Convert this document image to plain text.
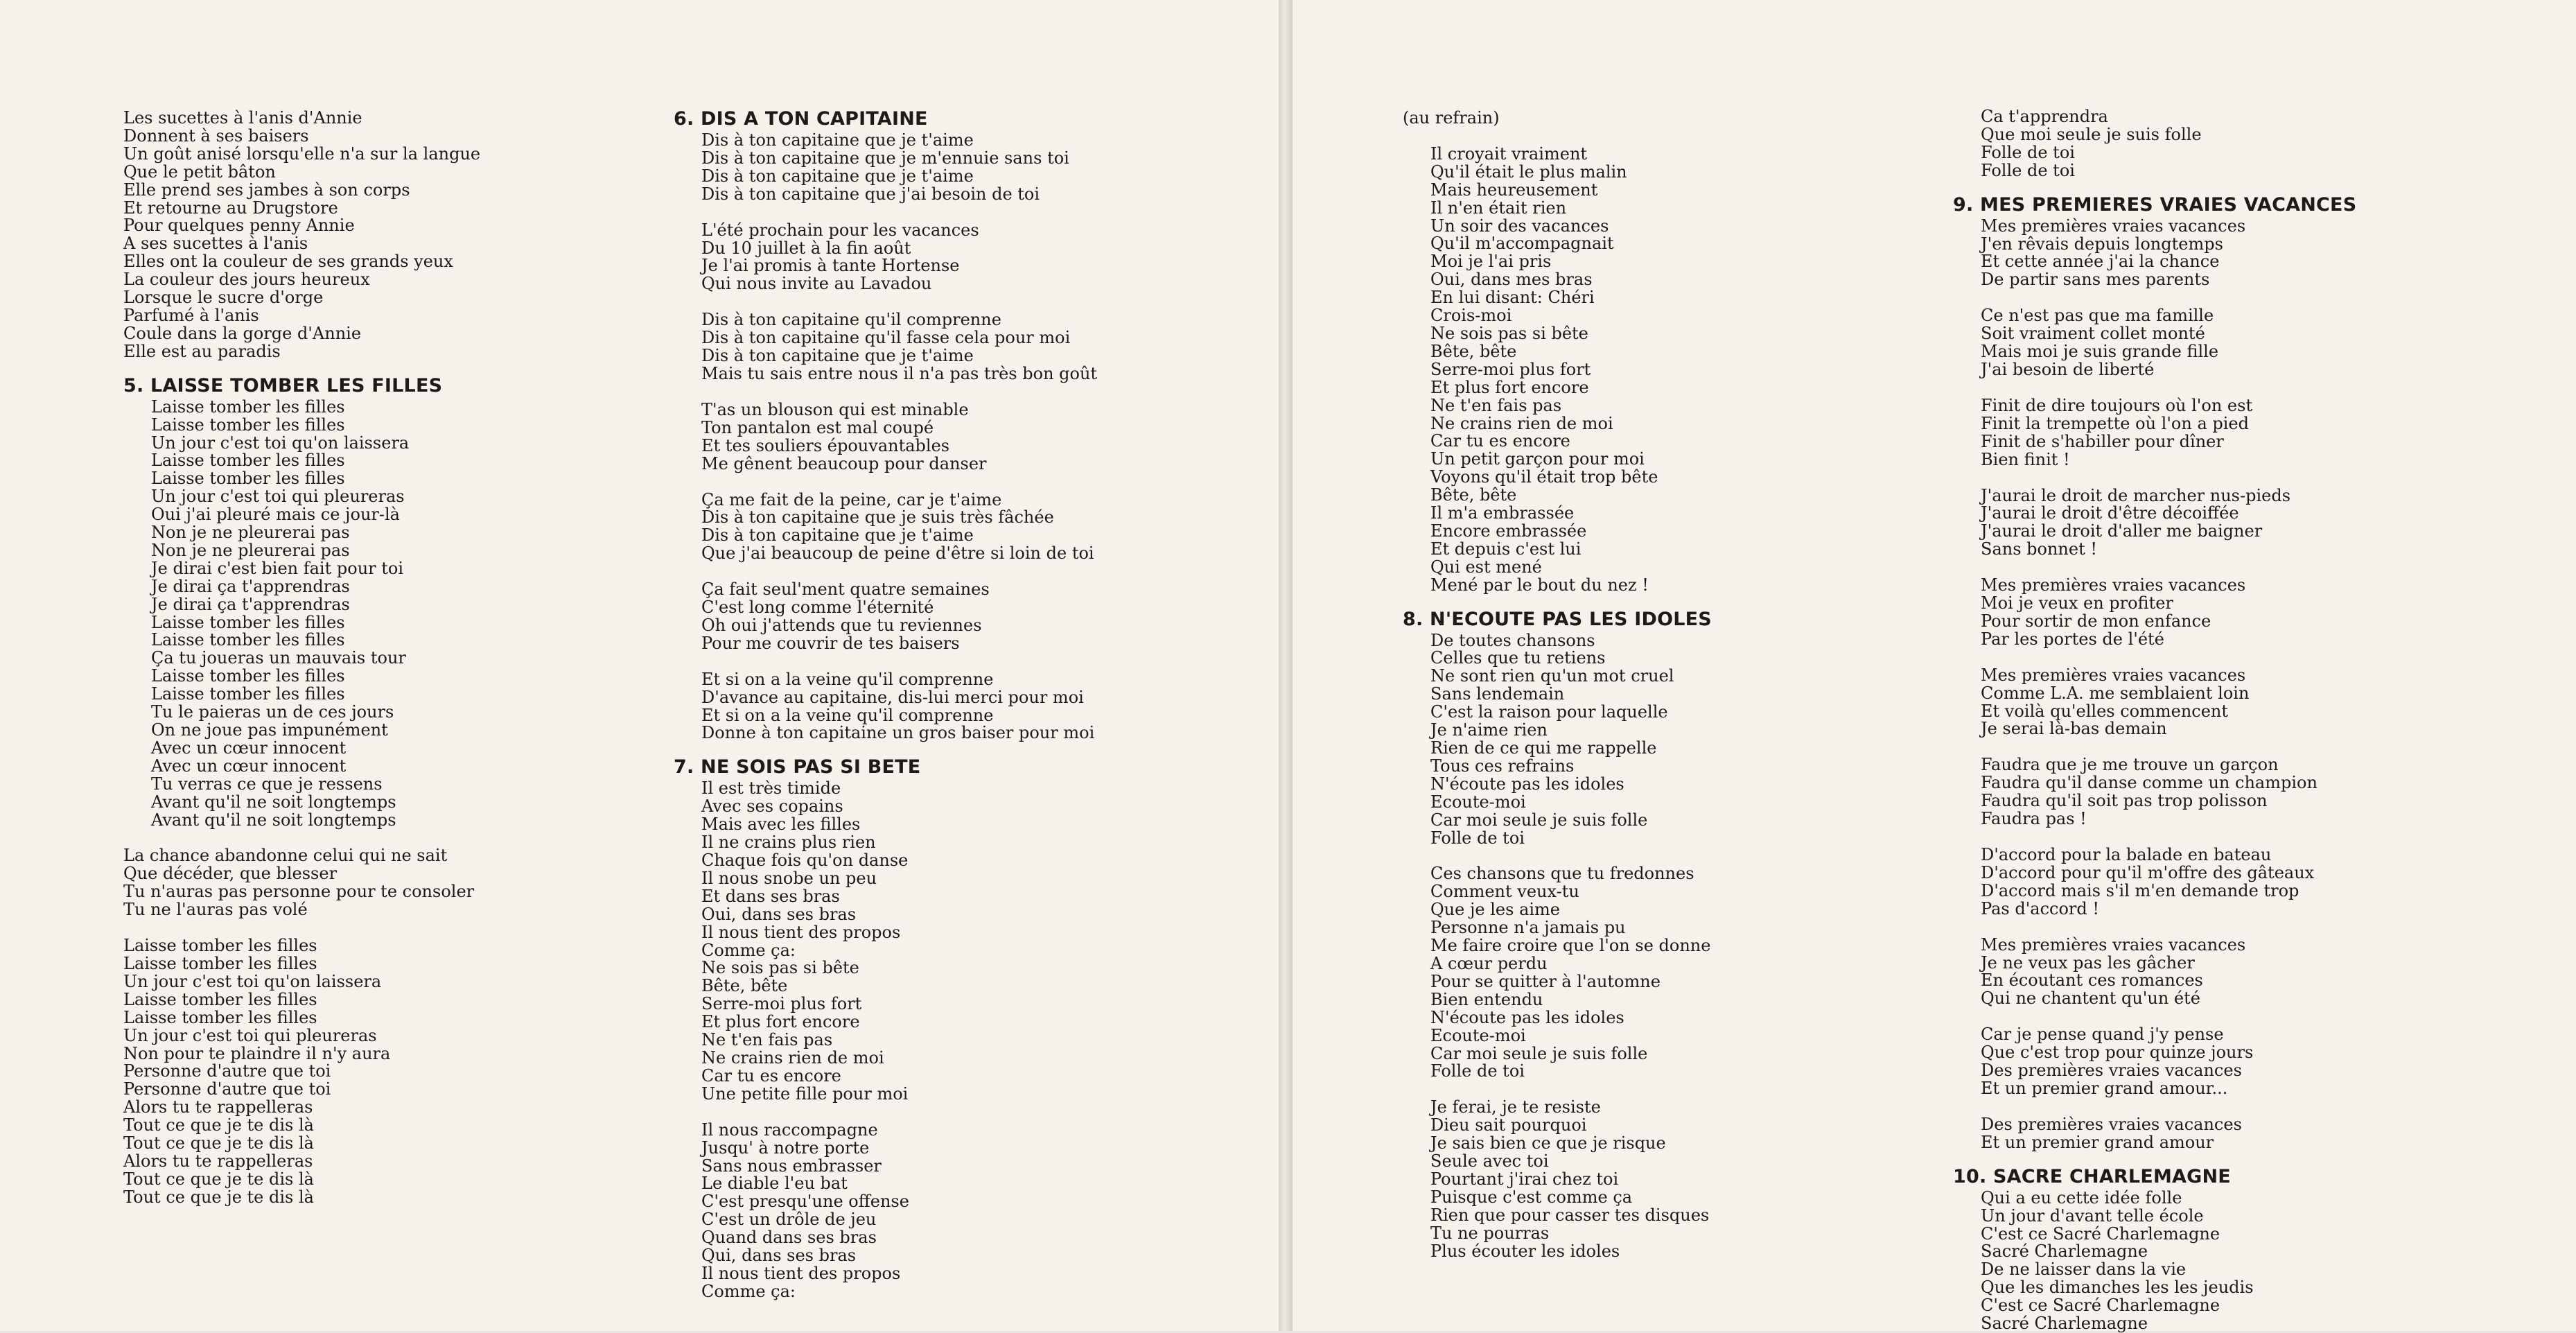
Les sucettes à l'anis d'Annie
Donnent à ses baisers
Un goût anisé lorsqu'elle n'a sur la langue
Que le petit bâton
Elle prend ses jambes à son corps
Et retourne au Drugstore
Pour quelques penny Annie
A ses sucettes à l'anis
Elles ont la couleur de ses grands yeux
La couleur des jours heureux
Lorsque le sucre d'orge
Parfumé à l'anis
Coule dans la gorge d'Annie
Elle est au paradis
5. LAISSE TOMBER LES FILLES
Laisse tomber les filles
Laisse tomber les filles
Un jour c'est toi qu'on laissera
Laisse tomber les filles
Laisse tomber les filles
Un jour c'est toi qui pleureras
Oui j'ai pleuré mais ce jour-là
Non je ne pleurerai pas
Non je ne pleurerai pas
Je dirai c'est bien fait pour toi
Je dirai ça t'apprendras
Je dirai ça t'apprendras
Laisse tomber les filles
Laisse tomber les filles
Ça tu joueras un mauvais tour
Laisse tomber les filles
Laisse tomber les filles
Tu le paieras un de ces jours
On ne joue pas impunément
Avec un cœur innocent
Avec un cœur innocent
Tu verras ce que je ressens
Avant qu'il ne soit longtemps
Avant qu'il ne soit longtemps
La chance abandonne celui qui ne sait
Que décéder, que blesser
Tu n'auras pas personne pour te consoler
Tu ne l'auras pas volé
Laisse tomber les filles
Laisse tomber les filles
Un jour c'est toi qu'on laissera
Laisse tomber les filles
Laisse tomber les filles
Un jour c'est toi qui pleureras
Non pour te plaindre il n'y aura
Personne d'autre que toi
Personne d'autre que toi
Alors tu te rappelleras
Tout ce que je te dis là
Tout ce que je te dis là
Alors tu te rappelleras
Tout ce que je te dis là
Tout ce que je te dis là
6. DIS A TON CAPITAINE
Dis à ton capitaine que je t'aime
Dis à ton capitaine que je m'ennuie sans toi
Dis à ton capitaine que je t'aime
Dis à ton capitaine que j'ai besoin de toi
L'été prochain pour les vacances
Du 10 juillet à la fin août
Je l'ai promis à tante Hortense
Qui nous invite au Lavadou
Dis à ton capitaine qu'il comprenne
Dis à ton capitaine qu'il fasse cela pour moi
Dis à ton capitaine que je t'aime
Mais tu sais entre nous il n'a pas très bon goût
T'as un blouson qui est minable
Ton pantalon est mal coupé
Et tes souliers épouvantables
Me gênent beaucoup pour danser
Ça me fait de la peine, car je t'aime
Dis à ton capitaine que je suis très fâchée
Dis à ton capitaine que je t'aime
Que j'ai beaucoup de peine d'être si loin de toi
Ça fait seul'ment quatre semaines
C'est long comme l'éternité
Oh oui j'attends que tu reviennes
Pour me couvrir de tes baisers
Et si on a la veine qu'il comprenne
D'avance au capitaine, dis-lui merci pour moi
Et si on a la veine qu'il comprenne
Donne à ton capitaine un gros baiser pour moi
7. NE SOIS PAS SI BETE
Il est très timide
Avec ses copains
Mais avec les filles
Il ne crains plus rien
Chaque fois qu'on danse
Il nous snobe un peu
Et dans ses bras
Oui, dans ses bras
Il nous tient des propos
Comme ça:
Ne sois pas si bête
Bête, bête
Serre-moi plus fort
Et plus fort encore
Ne t'en fais pas
Ne crains rien de moi
Car tu es encore
Une petite fille pour moi
Il nous raccompagne
Jusqu' à notre porte
Sans nous embrasser
Le diable l'eu bat
C'est presqu'une offense
C'est un drôle de jeu
Quand dans ses bras
Qui, dans ses bras
Il nous tient des propos
Comme ça:
(au refrain)
Il croyait vraiment
Qu'il était le plus malin
Mais heureusement
Il n'en était rien
Un soir des vacances
Qu'il m'accompagnait
Moi je l'ai pris
Oui, dans mes bras
En lui disant: Chéri
Crois-moi
Ne sois pas si bête
Bête, bête
Serre-moi plus fort
Et plus fort encore
Ne t'en fais pas
Ne crains rien de moi
Car tu es encore
Un petit garçon pour moi
Voyons qu'il était trop bête
Bête, bête
Il m'a embrassée
Encore embrassée
Et depuis c'est lui
Qui est mené
Mené par le bout du nez !
8. N'ECOUTE PAS LES IDOLES
De toutes chansons
Celles que tu retiens
Ne sont rien qu'un mot cruel
Sans lendemain
C'est la raison pour laquelle
Je n'aime rien
Rien de ce qui me rappelle
Tous ces refrains
N'écoute pas les idoles
Ecoute-moi
Car moi seule je suis folle
Folle de toi
Ces chansons que tu fredonnes
Comment veux-tu
Que je les aime
Personne n'a jamais pu
Me faire croire que l'on se donne
A cœur perdu
Pour se quitter à l'automne
Bien entendu
N'écoute pas les idoles
Ecoute-moi
Car moi seule je suis folle
Folle de toi
Je ferai, je te resiste
Dieu sait pourquoi
Je sais bien ce que je risque
Seule avec toi
Pourtant j'irai chez toi
Puisque c'est comme ça
Rien que pour casser tes disques
Tu ne pourras
Plus écouter les idoles
Ca t'apprendra
Que moi seule je suis folle
Folle de toi
Folle de toi
9. MES PREMIERES VRAIES VACANCES
Mes premières vraies vacances
J'en rêvais depuis longtemps
Et cette année j'ai la chance
De partir sans mes parents
Ce n'est pas que ma famille
Soit vraiment collet monté
Mais moi je suis grande fille
J'ai besoin de liberté
Finit de dire toujours où l'on est
Finit la trempette où l'on a pied
Finit de s'habiller pour dîner
Bien finit !
J'aurai le droit de marcher nus-pieds
J'aurai le droit d'être décoiffée
J'aurai le droit d'aller me baigner
Sans bonnet !
Mes premières vraies vacances
Moi je veux en profiter
Pour sortir de mon enfance
Par les portes de l'été
Mes premières vraies vacances
Comme L.A. me semblaient loin
Et voilà qu'elles commencent
Je serai là-bas demain
Faudra que je me trouve un garçon
Faudra qu'il danse comme un champion
Faudra qu'il soit pas trop polisson
Faudra pas !
D'accord pour la balade en bateau
D'accord pour qu'il m'offre des gâteaux
D'accord mais s'il m'en demande trop
Pas d'accord !
Mes premières vraies vacances
Je ne veux pas les gâcher
En écoutant ces romances
Qui ne chantent qu'un été
Car je pense quand j'y pense
Que c'est trop pour quinze jours
Des premières vraies vacances
Et un premier grand amour...
Des premières vraies vacances
Et un premier grand amour
10. SACRE CHARLEMAGNE
Qui a eu cette idée folle
Un jour d'avant telle école
C'est ce Sacré Charlemagne
Sacré Charlemagne
De ne laisser dans la vie
Que les dimanches les les jeudis
C'est ce Sacré Charlemagne
Sacré Charlemagne
